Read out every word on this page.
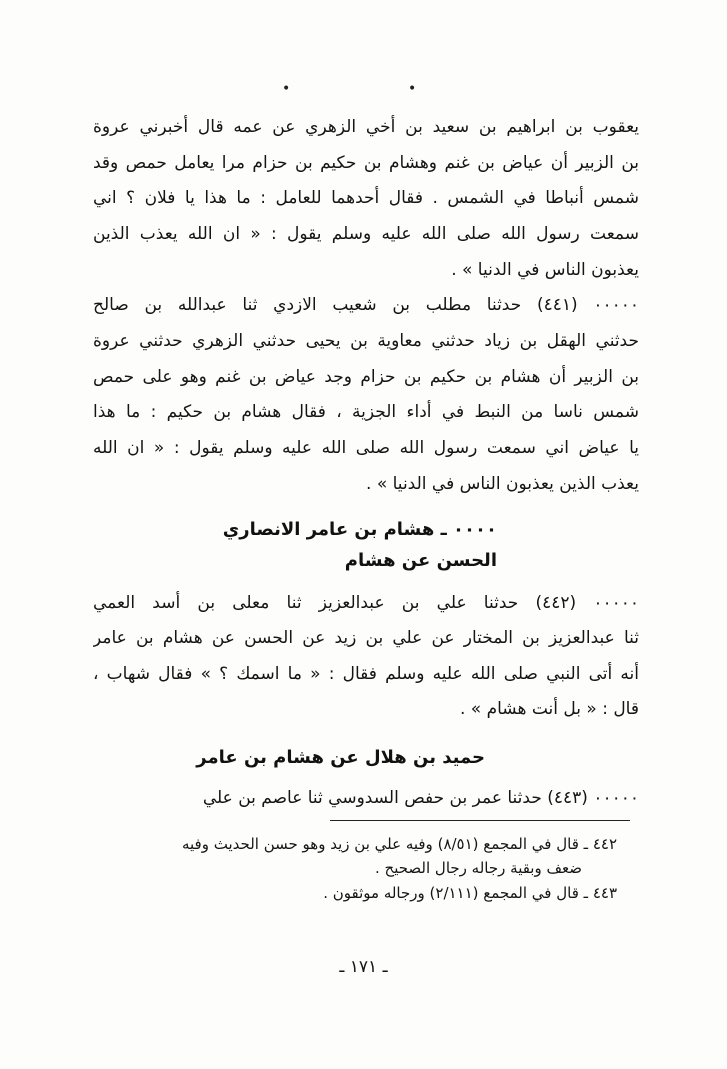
•	•
يعقوب بن ابراهيم بن سعيد بن أخي الزهري عن عمه قال أخبرني عروة
بن الزبير أن عياض بن غنم وهشام بن حكيم بن حزام مرا يعامل حمص وقد
شمس أنباطا في الشمس . فقال أحدهما للعامل : ما هذا يا فلان ؟ اني
سمعت رسول الله صلى الله عليه وسلم يقول : « ان الله يعذب الذين
يعذبون الناس في الدنيا » .
٠٠٠٠٠ (٤٤١) حدثنا مطلب بن شعيب الازدي ثنا عبدالله بن صالح
حدثني الهقل بن زياد حدثني معاوية بن يحيى حدثني الزهري حدثني عروة
بن الزبير أن هشام بن حكيم بن حزام وجد عياض بن غنم وهو على حمص
شمس ناسا من النبط في أداء الجزية ، فقال هشام بن حكيم : ما هذا
يا عياض اني سمعت رسول الله صلى الله عليه وسلم يقول : « ان الله
يعذب الذين يعذبون الناس في الدنيا » .
٠٠٠٠ ـ هشام بن عامر الانصاري
الحسن عن هشام
٠٠٠٠٠ (٤٤٢) حدثنا علي بن عبدالعزيز ثنا معلى بن أسد العمي
ثنا عبدالعزيز بن المختار عن علي بن زيد عن الحسن عن هشام بن عامر
أنه أتى النبي صلى الله عليه وسلم فقال : « ما اسمك ؟ » فقال شهاب ،
قال : « بل أنت هشام » .
حميد بن هلال عن هشام بن عامر
٠٠٠٠٠ (٤٤٣) حدثنا عمر بن حفص السدوسي ثنا عاصم بن علي
٤٤٢ ـ قال في المجمع (٨/٥١) وفيه علي بن زيد وهو حسن الحديث وفيه
ضعف وبقية رجاله رجال الصحيح .
٤٤٣ ـ قال في المجمع (٢/١١١) ورجاله موثقون .
ـ ١٧١ ـ
